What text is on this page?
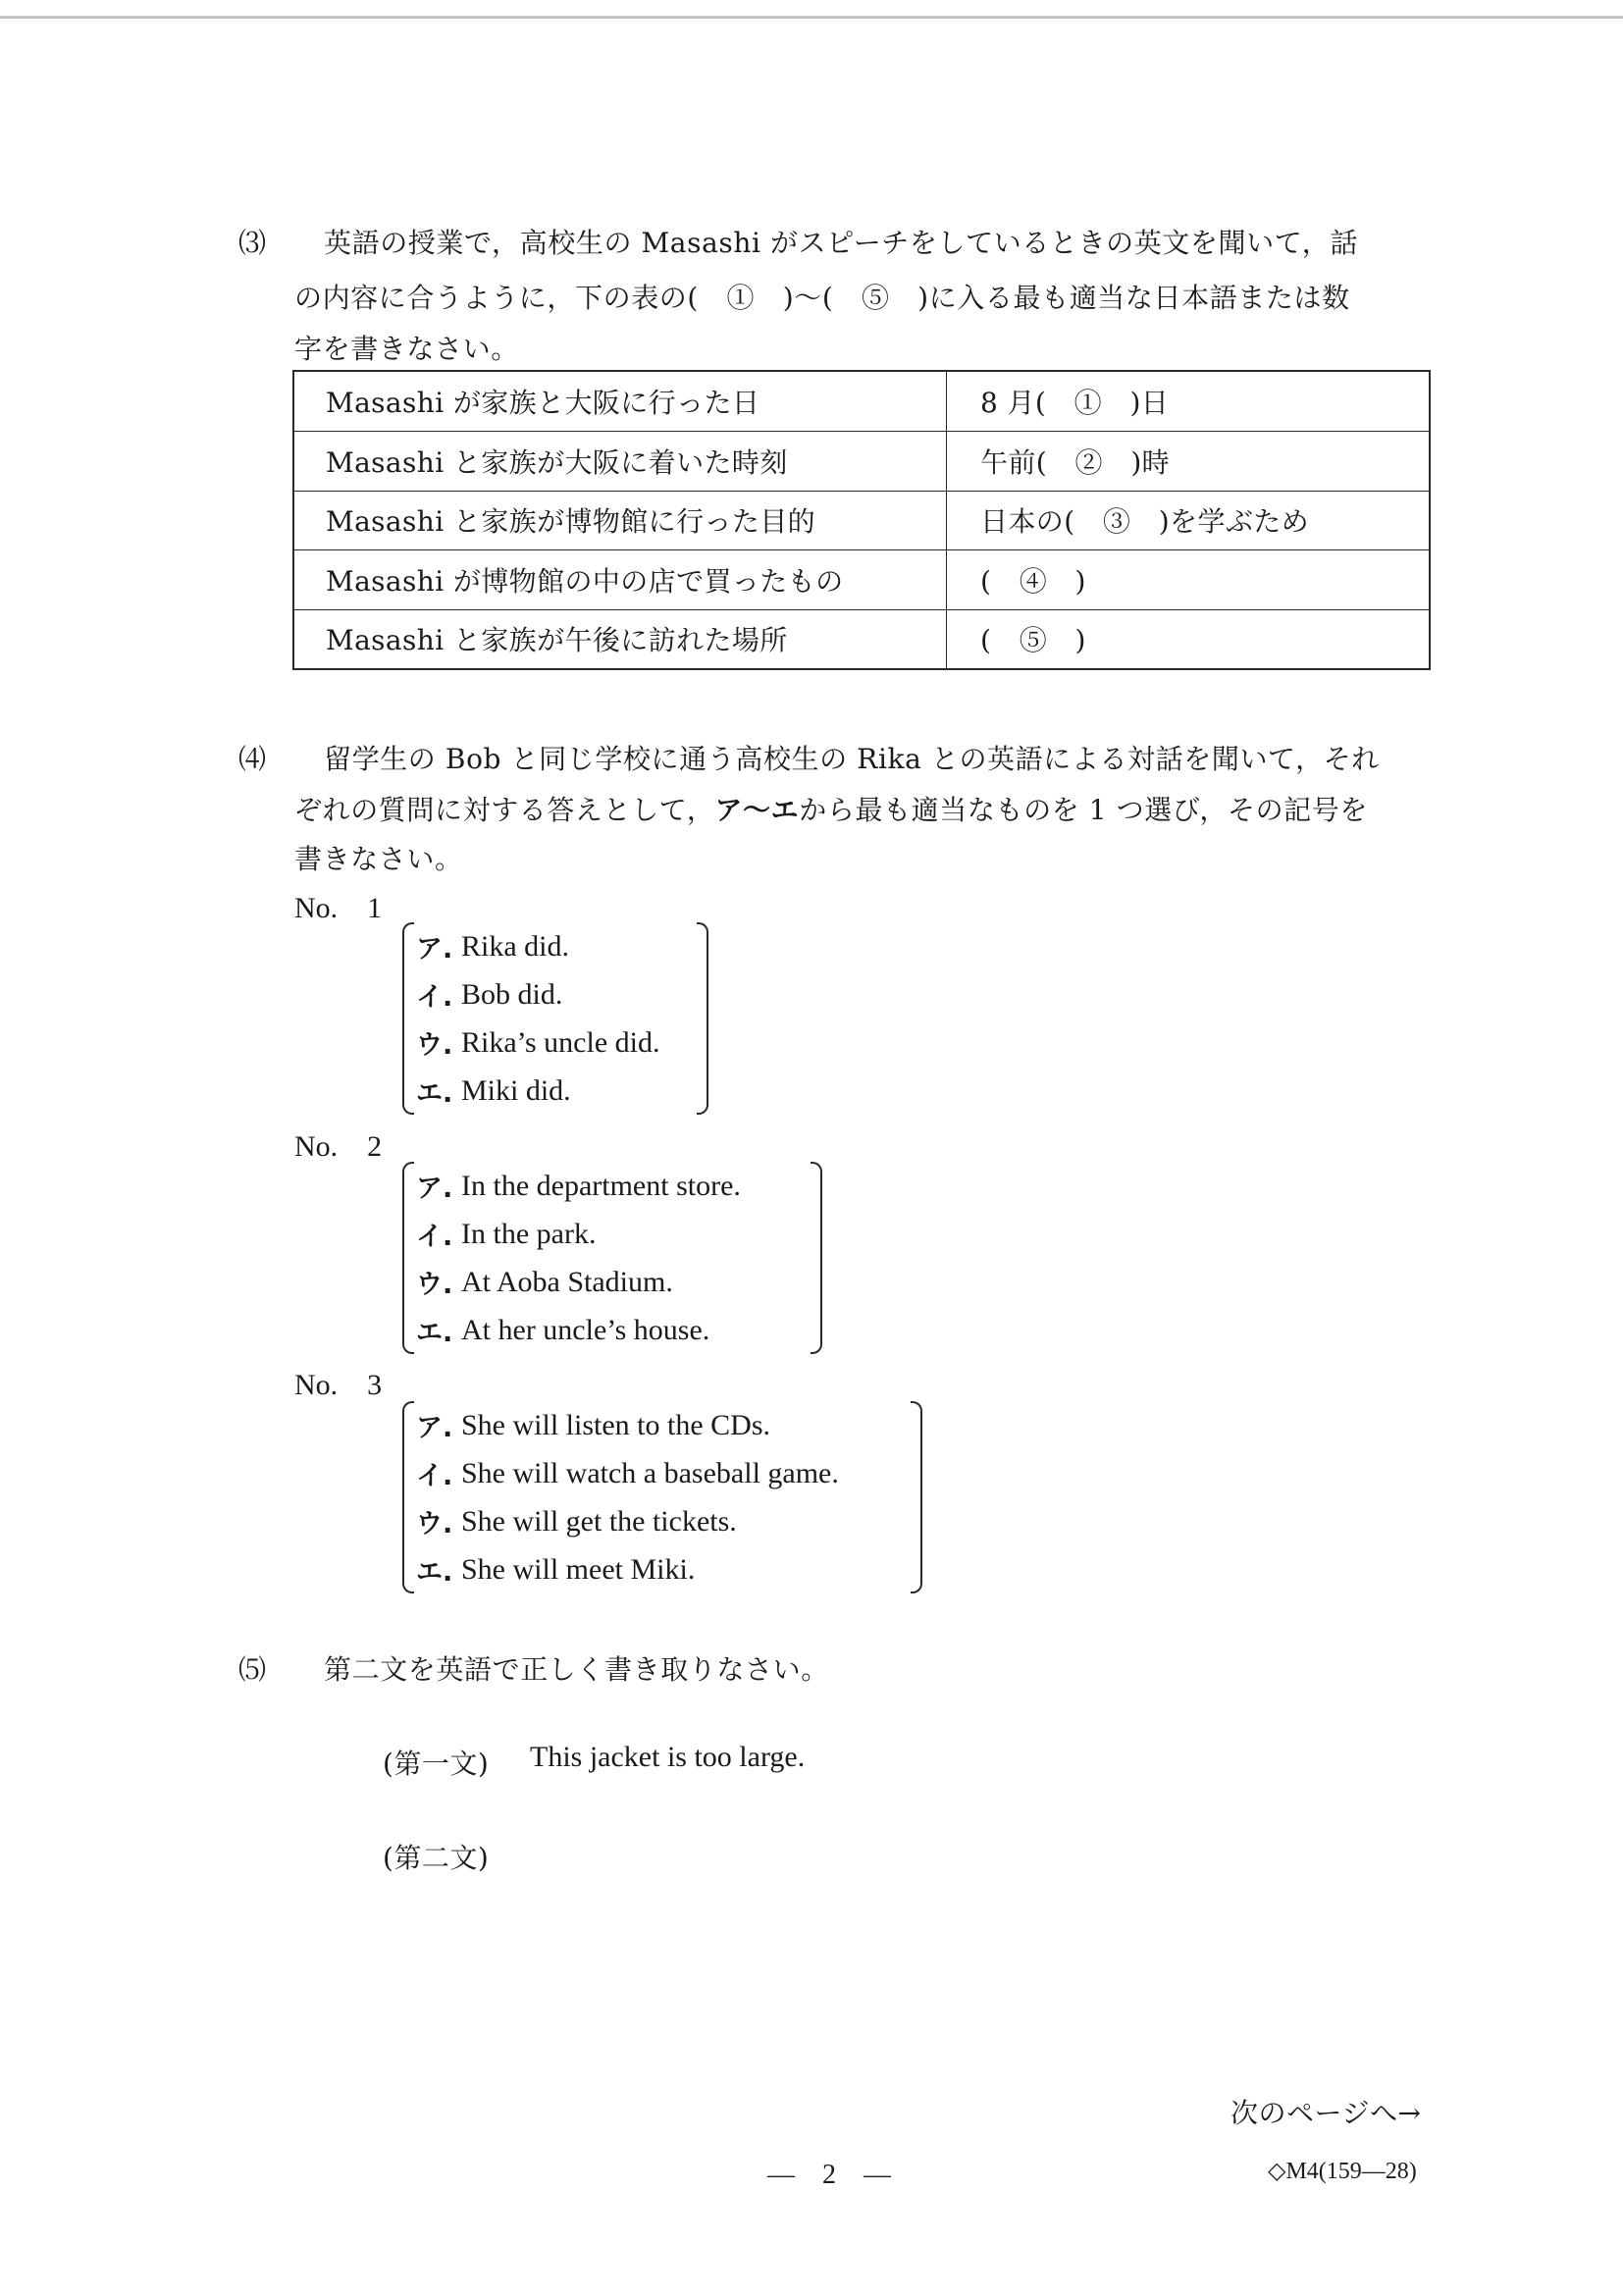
⑶ 英語の授業で，高校生の Masashi がスピーチをしているときの英文を聞いて，話
の内容に合うように，下の表の(　①　)～(　⑤　)に入る最も適当な日本語または数
字を書きなさい。
Masashi が家族と大阪に行った日	8 月(　①　)日
Masashi と家族が大阪に着いた時刻	午前(　②　)時
Masashi と家族が博物館に行った目的	日本の(　③　)を学ぶため
Masashi が博物館の中の店で買ったもの	(　④　)
Masashi と家族が午後に訪れた場所	(　⑤　)
⑷ 留学生の Bob と同じ学校に通う高校生の Rika との英語による対話を聞いて，それ
ぞれの質問に対する答えとして，ア～エから最も適当なものを 1 つ選び，その記号を
書きなさい。
No.　1
ア. Rika did.
イ. Bob did.
ウ. Rika’s uncle did.
エ. Miki did.
No.　2
ア. In the department store.
イ. In the park.
ウ. At Aoba Stadium.
エ. At her uncle’s house.
No.　3
ア. She will listen to the CDs.
イ. She will watch a baseball game.
ウ. She will get the tickets.
エ. She will meet Miki.
⑸ 第二文を英語で正しく書き取りなさい。
(第一文) This jacket is too large.
(第二文)
次のページへ→
—　2　—	◇M4(159—28)
